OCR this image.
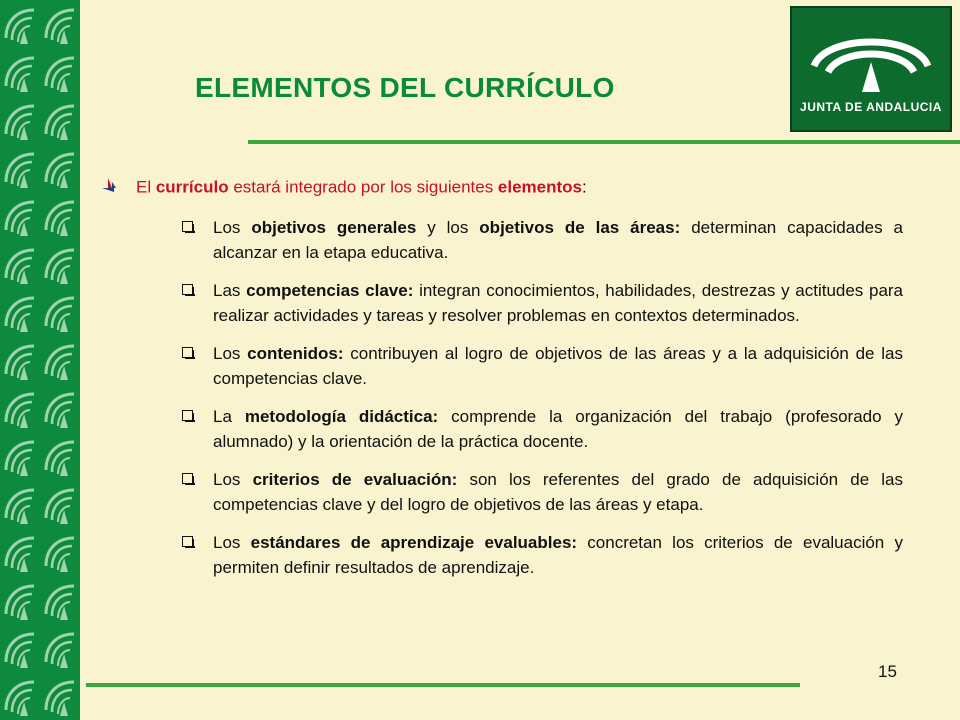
ELEMENTOS DEL CURRÍCULO
JUNTA DE ANDALUCIA
El currículo estará integrado por los siguientes elementos:
Los objetivos generales y los objetivos de las áreas: determinan capacidades a alcanzar en la etapa educativa.
Las competencias clave: integran conocimientos, habilidades, destrezas y actitudes para realizar actividades y tareas y resolver problemas en contextos determinados.
Los contenidos: contribuyen al logro de objetivos de las áreas y a la adquisición de las competencias clave.
La metodología didáctica: comprende la organización del trabajo (profesorado y alumnado) y la orientación de la práctica docente.
Los criterios de evaluación: son los referentes del grado de adquisición de las competencias clave y del logro de objetivos de las áreas y etapa.
Los estándares de aprendizaje evaluables: concretan los criterios de evaluación y permiten definir resultados de aprendizaje.
15
